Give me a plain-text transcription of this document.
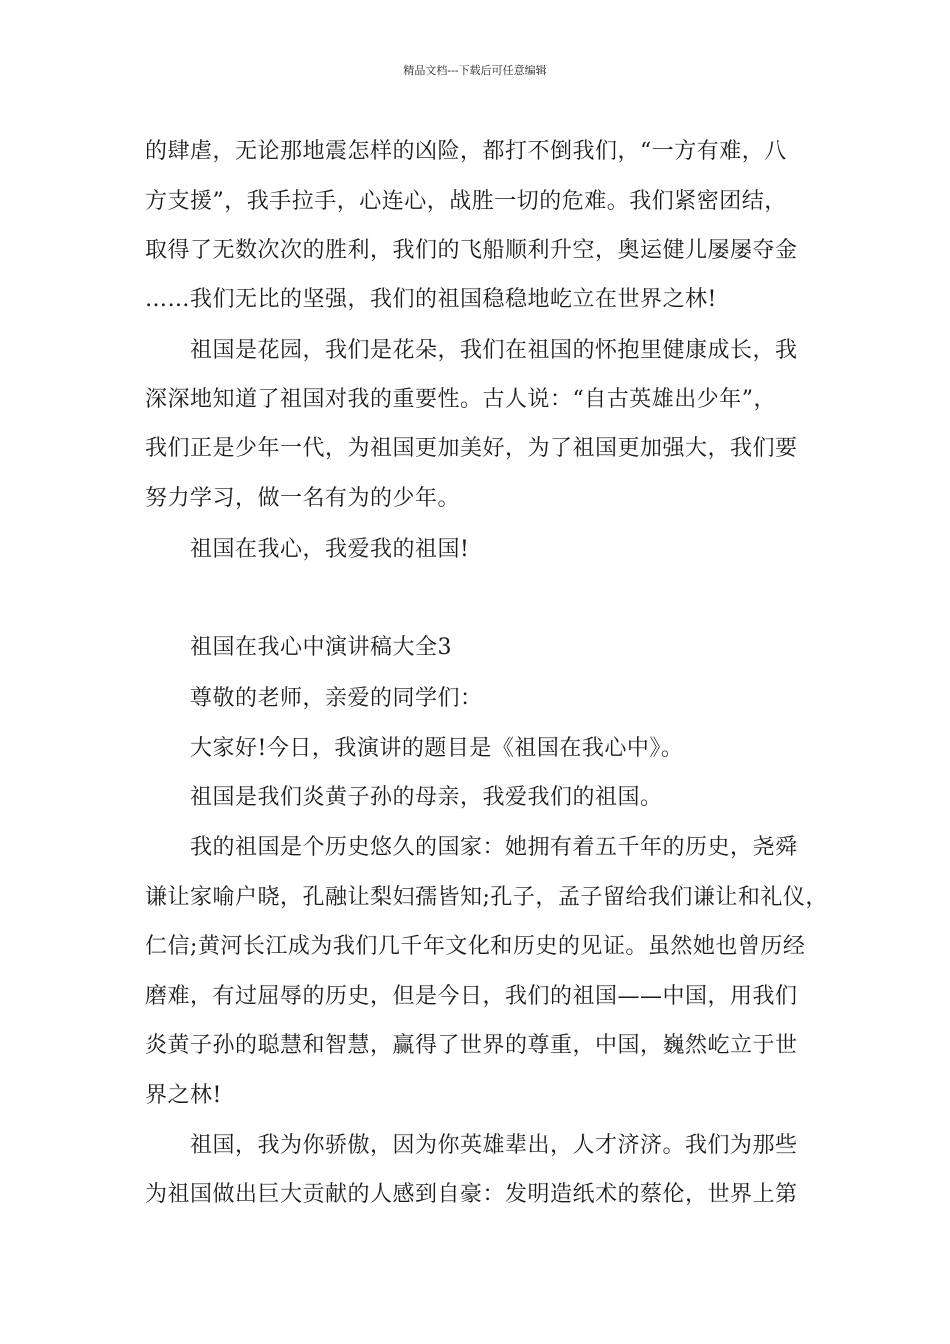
精品文档---下载后可任意编辑
的肆虐，无论那地震怎样的凶险，都打不倒我们，“一方有难，八
方支援”，我手拉手，心连心，战胜一切的危难。我们紧密团结，
取得了无数次次的胜利，我们的飞船顺利升空，奥运健儿屡屡夺金
……我们无比的坚强，我们的祖国稳稳地屹立在世界之林!
祖国是花园，我们是花朵，我们在祖国的怀抱里健康成长，我
深深地知道了祖国对我的重要性。古人说：“自古英雄出少年”，
我们正是少年一代，为祖国更加美好，为了祖国更加强大，我们要
努力学习，做一名有为的少年。
祖国在我心，我爱我的祖国!
祖国在我心中演讲稿大全3
尊敬的老师，亲爱的同学们：
大家好!今日，我演讲的题目是《祖国在我心中》。
祖国是我们炎黄子孙的母亲，我爱我们的祖国。
我的祖国是个历史悠久的国家：她拥有着五千年的历史，尧舜
谦让家喻户晓，孔融让梨妇孺皆知;孔子，孟子留给我们谦让和礼仪，
仁信;黄河长江成为我们几千年文化和历史的见证。虽然她也曾历经
磨难，有过屈辱的历史，但是今日，我们的祖国——中国，用我们
炎黄子孙的聪慧和智慧，赢得了世界的尊重，中国，巍然屹立于世
界之林!
祖国，我为你骄傲，因为你英雄辈出，人才济济。我们为那些
为祖国做出巨大贡献的人感到自豪：发明造纸术的蔡伦，世界上第
